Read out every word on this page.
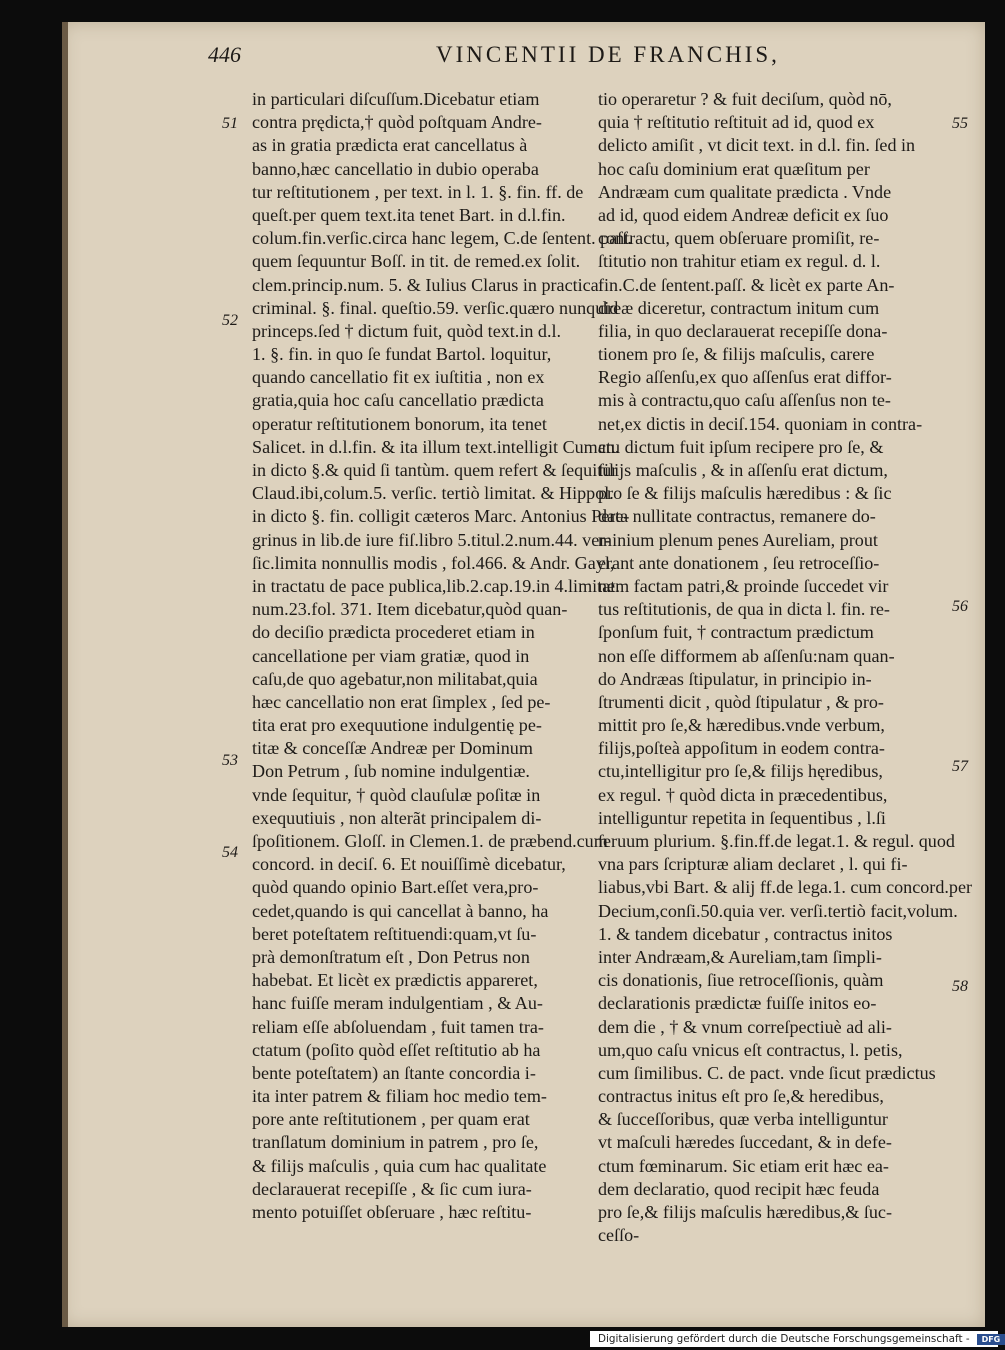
446	VINCENTII DE FRANCHIS,
in particulari diſcuſſum.Dicebatur etiam
contra prędicta,† quòd poſtquam Andre-
as in gratia prædicta erat cancellatus à
banno,hæc cancellatio in dubio operaba
tur reſtitutionem , per text. in l. 1. §. fin. ff. de
queſt.per quem text.ita tenet Bart. in d.l.fin.
colum.fin.verſic.circa hanc legem, C.de ſentent. paſſ.
quem ſequuntur Boſſ. in tit. de remed.ex ſolit.
clem.princip.num. 5. & Iulius Clarus in practica
criminal. §. final. queſtio.59. verſic.quæro nunquid
princeps.ſed † dictum fuit, quòd text.in d.l.
1. §. fin. in quo ſe fundat Bartol. loquitur,
quando cancellatio fit ex iuſtitia , non ex
gratia,quia hoc caſu cancellatio prædicta
operatur reſtitutionem bonorum, ita tenet
Salicet. in d.l.fin. & ita illum text.intelligit Cuman.
in dicto §.& quid ſi tantùm. quem refert & ſequitur
Claud.ibi,colum.5. verſic. tertiò limitat. & Hippol.
in dicto §. fin. colligit cæteros Marc. Antonius Pere-
grinus in lib.de iure fiſ.libro 5.titul.2.num.44. ver-
ſic.limita nonnullis modis , fol.466. & Andr. Gayl,
in tractatu de pace publica,lib.2.cap.19.in 4.limitat.
num.23.fol. 371. Item dicebatur,quòd quan-
do deciſio prædicta procederet etiam in
cancellatione per viam gratiæ, quod in
caſu,de quo agebatur,non militabat,quia
hæc cancellatio non erat ſimplex , ſed pe-
tita erat pro exequutione indulgentię pe-
titæ & conceſſæ Andreæ per Dominum
Don Petrum , ſub nomine indulgentiæ.
vnde ſequitur, † quòd clauſulæ poſitæ in
exequutiuis , non alterãt principalem di-
ſpoſitionem. Gloſſ. in Clemen.1. de præbend.cum
concord. in deciſ. 6. Et nouiſſimè dicebatur,
quòd quando opinio Bart.eſſet vera,pro-
cedet,quando is qui cancellat à banno, ha
beret poteſtatem reſtituendi:quam,vt ſu-
prà demonſtratum eſt , Don Petrus non
habebat. Et licèt ex prædictis appareret,
hanc fuiſſe meram indulgentiam , & Au-
reliam eſſe abſoluendam , fuit tamen tra-
ctatum (poſito quòd eſſet reſtitutio ab ha
bente poteſtatem) an ſtante concordia i-
ita inter patrem & filiam hoc medio tem-
pore ante reſtitutionem , per quam erat
tranſlatum dominium in patrem , pro ſe,
& filijs maſculis , quia cum hac qualitate
declarauerat recepiſſe , & ſic cum iura-
mento potuiſſet obſeruare , hæc reſtitu-
tio operaretur ? & fuit deciſum, quòd nō,
quia † reſtitutio reſtituit ad id, quod ex
delicto amiſit , vt dicit text. in d.l. fin. ſed in
hoc caſu dominium erat quæſitum per
Andræam cum qualitate prædicta . Vnde
ad id, quod eidem Andreæ deficit ex ſuo
contractu, quem obſeruare promiſit, re-
ſtitutio non trahitur etiam ex regul. d. l.
fin.C.de ſentent.paſſ. & licèt ex parte An-
dreæ diceretur, contractum initum cum
filia, in quo declarauerat recepiſſe dona-
tionem pro ſe, & filijs maſculis, carere
Regio aſſenſu,ex quo aſſenſus erat diffor-
mis à contractu,quo caſu aſſenſus non te-
net,ex dictis in deciſ.154. quoniam in contra-
ctu dictum fuit ipſum recipere pro ſe, &
filijs maſculis , & in aſſenſu erat dictum,
pro ſe & filijs maſculis hæredibus : & ſic
data nullitate contractus, remanere do-
minium plenum penes Aureliam, prout
erant ante donationem , ſeu retroceſſio-
nem factam patri,& proinde ſuccedet vir
tus reſtitutionis, de qua in dicta l. fin. re-
ſponſum fuit, † contractum prædictum
non eſſe difformem ab aſſenſu:nam quan-
do Andræas ſtipulatur, in principio in-
ſtrumenti dicit , quòd ſtipulatur , & pro-
mittit pro ſe,& hæredibus.vnde verbum,
filijs,poſteà appoſitum in eodem contra-
ctu,intelligitur pro ſe,& filijs hęredibus,
ex regul. † quòd dicta in præcedentibus,
intelliguntur repetita in ſequentibus , l.ſi
ſeruum plurium. §.fin.ff.de legat.1. & regul. quod
vna pars ſcripturæ aliam declaret , l. qui fi-
liabus,vbi Bart. & alij ff.de lega.1. cum concord.per
Decium,conſi.50.quia ver. verſi.tertiò facit,volum.
1. & tandem dicebatur , contractus initos
inter Andræam,& Aureliam,tam ſimpli-
cis donationis, ſiue retroceſſionis, quàm
declarationis prædictæ fuiſſe initos eo-
dem die , † & vnum correſpectiuè ad ali-
um,quo caſu vnicus eſt contractus, l. petis,
cum ſimilibus. C. de pact. vnde ſicut prædictus
contractus initus eſt pro ſe,& heredibus,
& ſucceſſoribus, quæ verba intelliguntur
vt maſculi hæredes ſuccedant, & in defe-
ctum fœminarum. Sic etiam erit hæc ea-
dem declaratio, quod recipit hæc feuda
pro ſe,& filijs maſculis hæredibus,& ſuc-
ceſſo-
51
52
53
54
55
56
57
58
Digitalisierung gefördert durch die Deutsche Forschungsgemeinschaft - DFG
